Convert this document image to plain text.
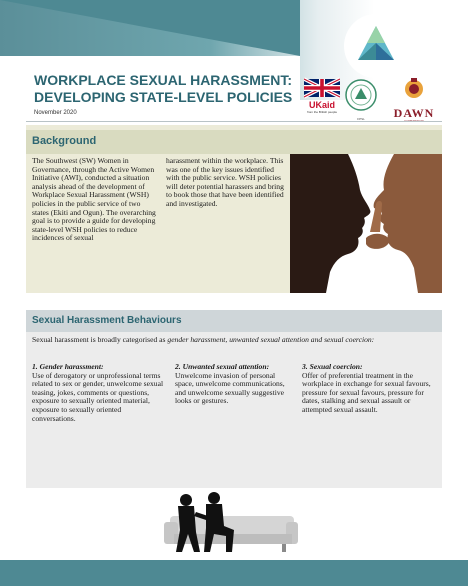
WORKPLACE SEXUAL HARASSMENT: DEVELOPING STATE-LEVEL POLICIES
November 2020
UKaid
from the British people
FPSL	DAWN
Background
The Southwest (SW) Women in Governance, through the Active Women Initiative (AWI), conducted a situation analysis ahead of the development of Workplace Sexual Harassment (WSH) policies in the public service of two states (Ekiti and Ogun). The overarching goal is to provide a guide for developing state-level WSH policies to reduce incidences of sexual
harassment within the workplace. This was one of the key issues identified with the public service. WSH policies will deter potential harassers and bring to book those that have been identified and investigated.
Sexual Harassment Behaviours
Sexual harassment is broadly categorised as gender harassment, unwanted sexual attention and sexual coercion:
1. Gender harassment:
Use of derogatory or unprofessional terms related to sex or gender, unwelcome sexual teasing, jokes, comments or questions, exposure to sexually oriented material, exposure to sexually oriented conversations.
2. Unwanted sexual attention:
Unwelcome invasion of personal space, unwelcome communications, and unwelcome sexually suggestive looks or gestures.
3. Sexual coercion:
Offer of preferential treatment in the workplace in exchange for sexual favours, pressure for sexual favours, pressure for dates, stalking and sexual assault or attempted sexual assault.
